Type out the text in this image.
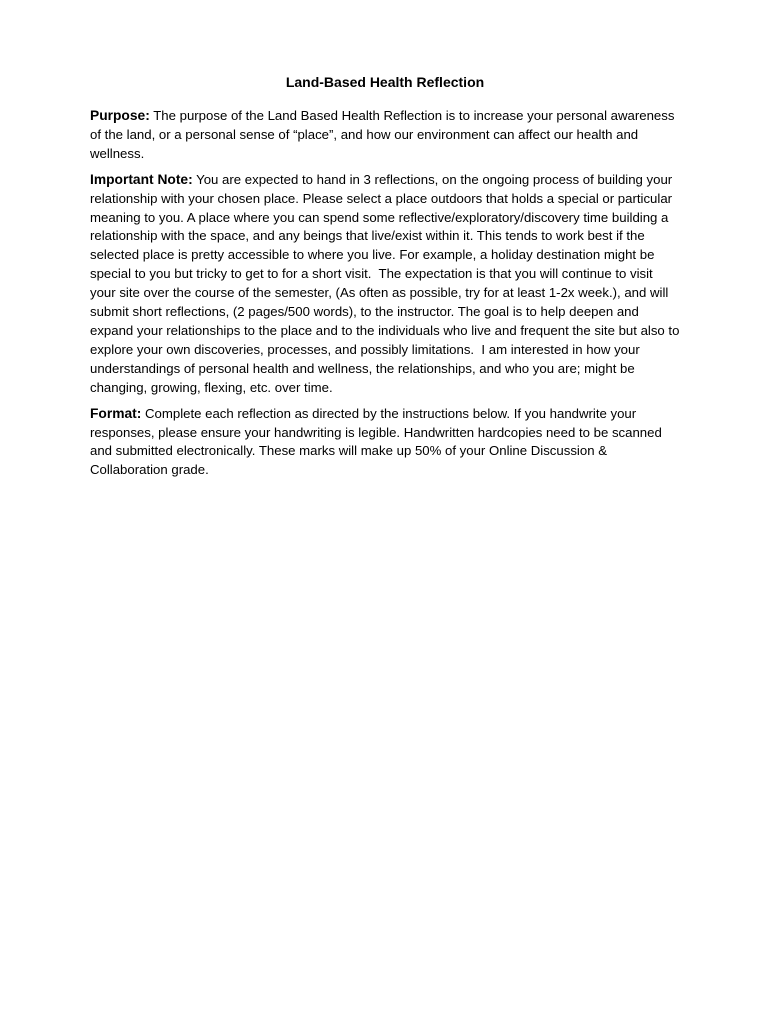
Land-Based Health Reflection

Purpose: The purpose of the Land Based Health Reflection is to increase your personal awareness of the land, or a personal sense of “place”, and how our environment can affect our health and wellness.

Important Note: You are expected to hand in 3 reflections, on the ongoing process of building your relationship with your chosen place. Please select a place outdoors that holds a special or particular meaning to you. A place where you can spend some reflective/exploratory/discovery time building a relationship with the space, and any beings that live/exist within it. This tends to work best if the selected place is pretty accessible to where you live. For example, a holiday destination might be special to you but tricky to get to for a short visit.  The expectation is that you will continue to visit your site over the course of the semester, (As often as possible, try for at least 1-2x week.), and will submit short reflections, (2 pages/500 words), to the instructor. The goal is to help deepen and expand your relationships to the place and to the individuals who live and frequent the site but also to explore your own discoveries, processes, and possibly limitations.  I am interested in how your understandings of personal health and wellness, the relationships, and who you are; might be changing, growing, flexing, etc. over time.

Format: Complete each reflection as directed by the instructions below. If you handwrite your responses, please ensure your handwriting is legible. Handwritten hardcopies need to be scanned and submitted electronically. These marks will make up 50% of your Online Discussion & Collaboration grade.
